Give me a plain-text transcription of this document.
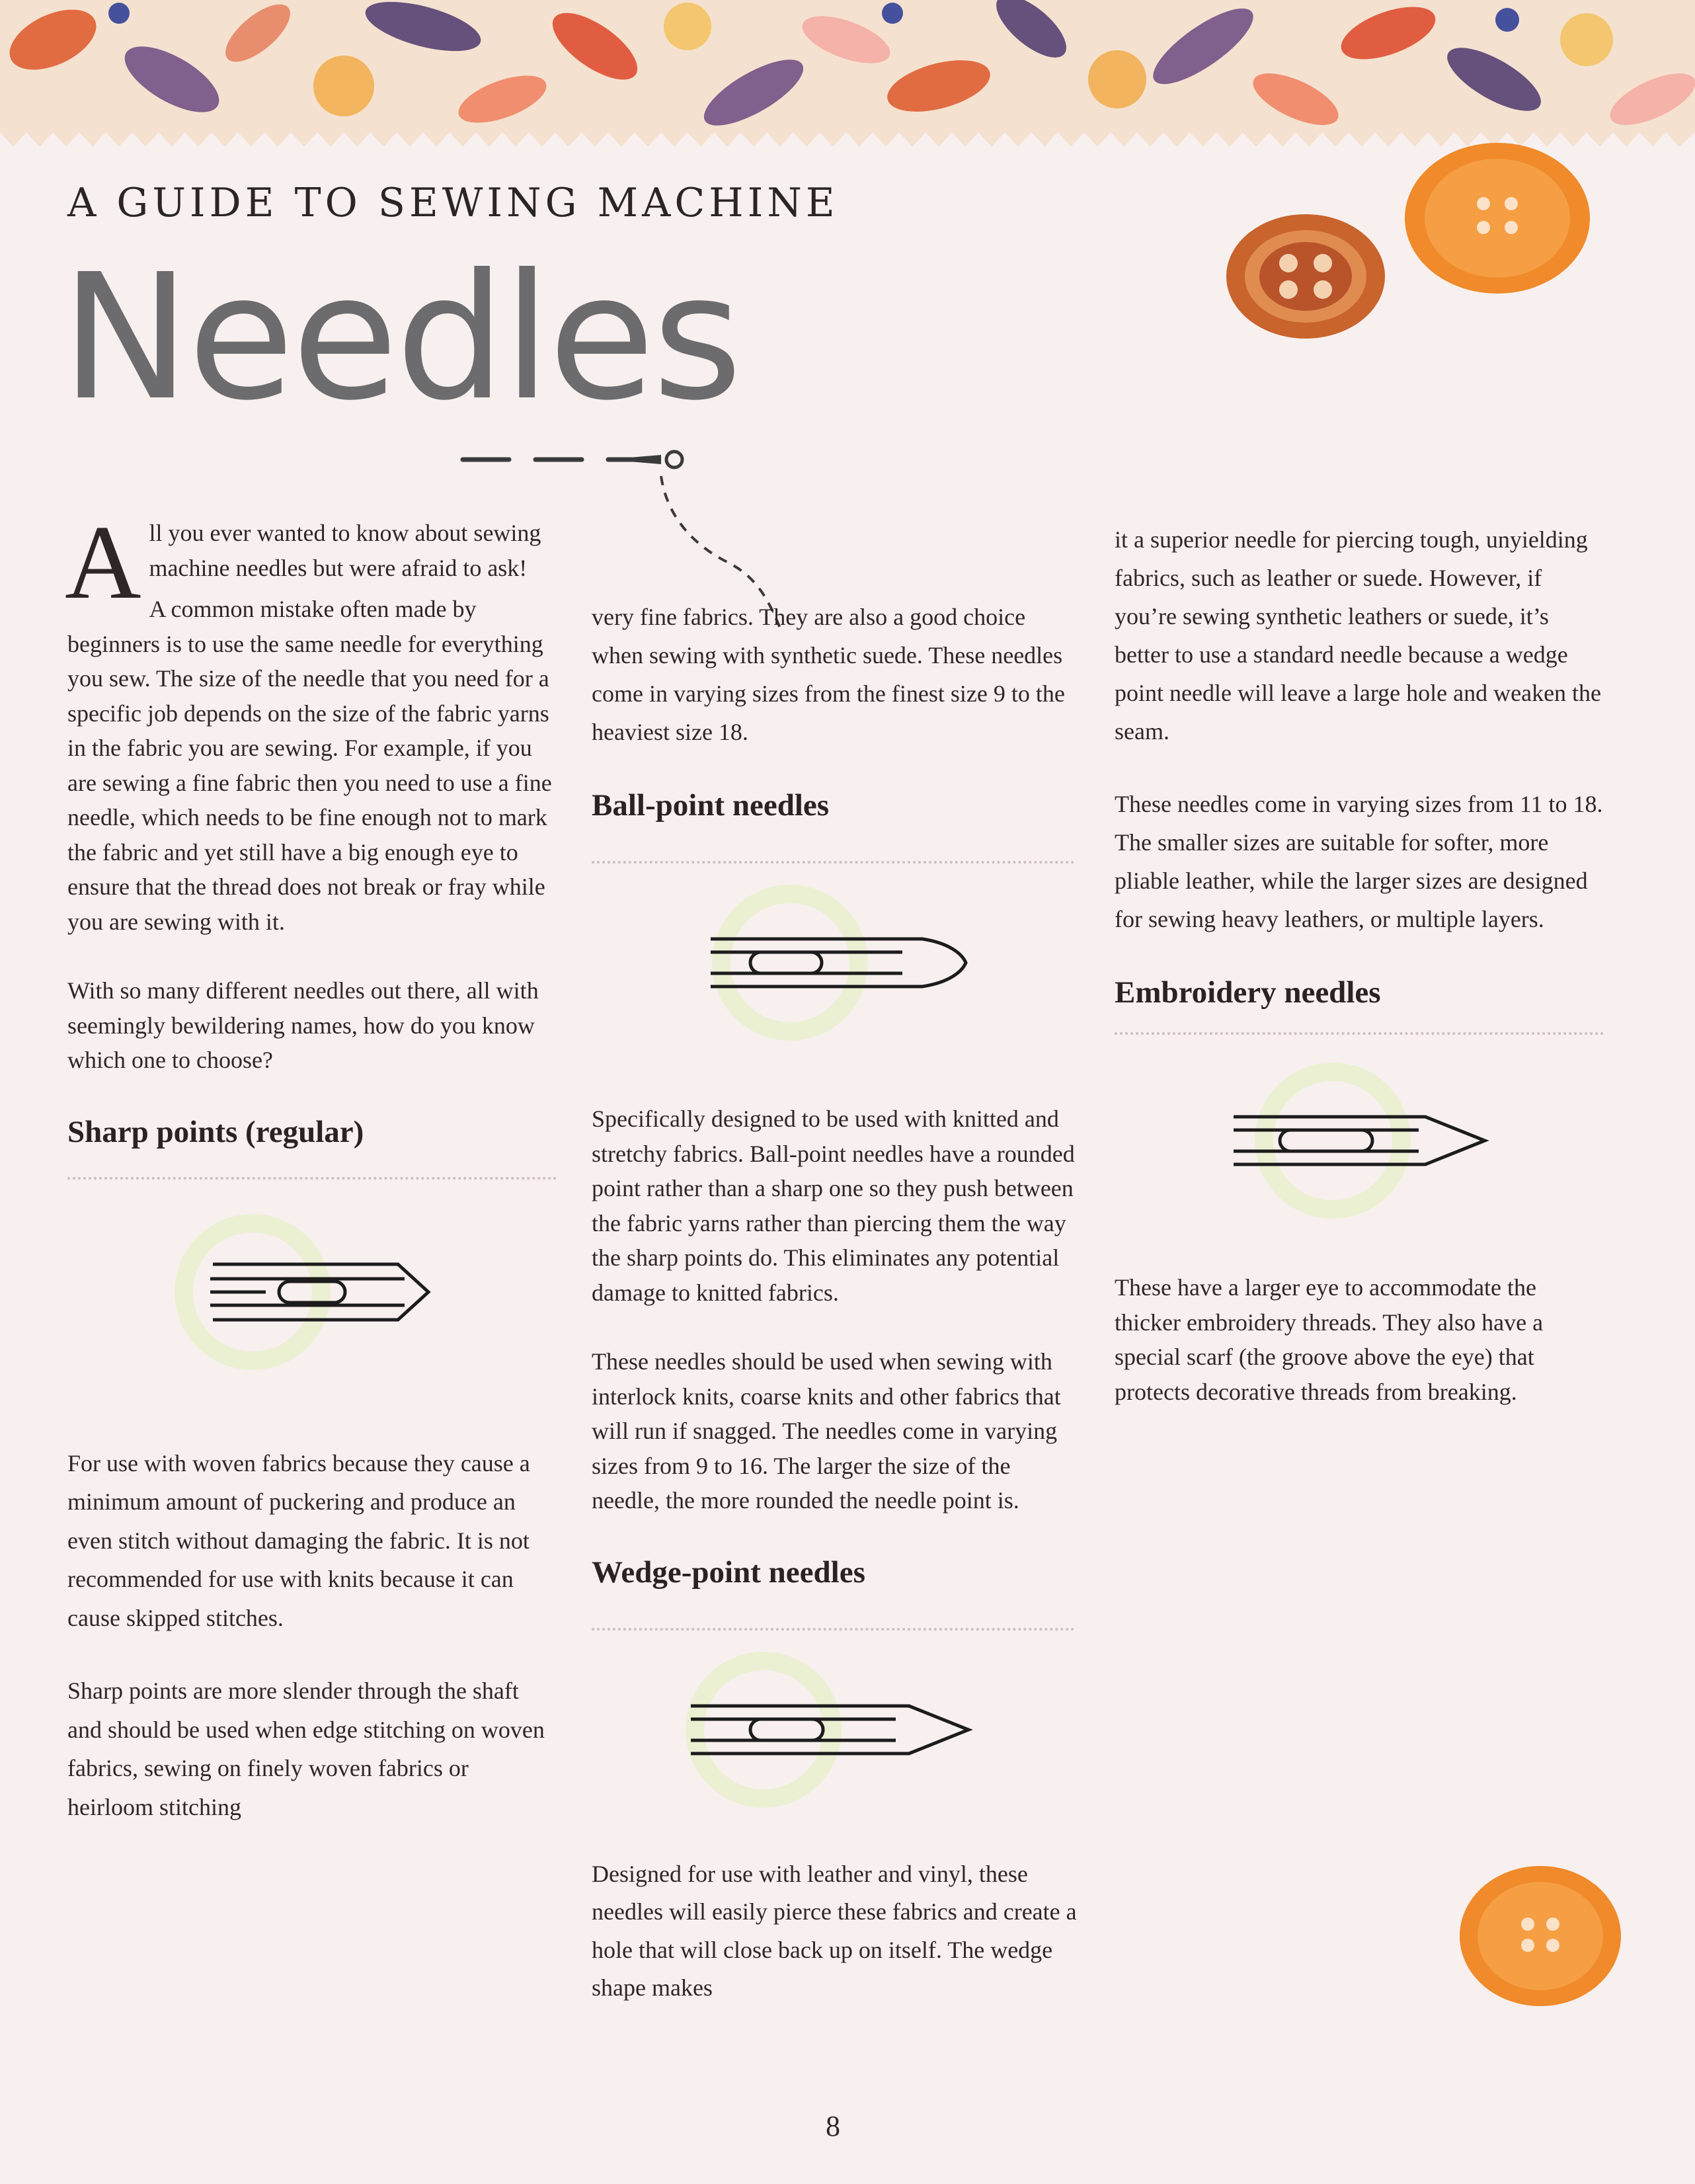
A GUIDE TO SEWING MACHINE
Needles

All you ever wanted to know about sewing machine needles but were afraid to ask!

A common mistake often made by beginners is to use the same needle for everything you sew. The size of the needle that you need for a specific job depends on the size of the fabric yarns in the fabric you are sewing. For example, if you are sewing a fine fabric then you need to use a fine needle, which needs to be fine enough not to mark the fabric and yet still have a big enough eye to ensure that the thread does not break or fray while you are sewing with it.

With so many different needles out there, all with seemingly bewildering names, how do you know which one to choose?

Sharp points (regular)

For use with woven fabrics because they cause a minimum amount of puckering and produce an even stitch without damaging the fabric. It is not recommended for use with knits because it can cause skipped stitches.

Sharp points are more slender through the shaft and should be used when edge stitching on woven fabrics, sewing on finely woven fabrics or heirloom stitching

very fine fabrics. They are also a good choice when sewing with synthetic suede. These needles come in varying sizes from the finest size 9 to the heaviest size 18.

Ball-point needles

Specifically designed to be used with knitted and stretchy fabrics. Ball-point needles have a rounded point rather than a sharp one so they push between the fabric yarns rather than piercing them the way the sharp points do. This eliminates any potential damage to knitted fabrics.

These needles should be used when sewing with interlock knits, coarse knits and other fabrics that will run if snagged. The needles come in varying sizes from 9 to 16. The larger the size of the needle, the more rounded the needle point is.

Wedge-point needles

Designed for use with leather and vinyl, these needles will easily pierce these fabrics and create a hole that will close back up on itself. The wedge shape makes

it a superior needle for piercing tough, unyielding fabrics, such as leather or suede. However, if you’re sewing synthetic leathers or suede, it’s better to use a standard needle because a wedge point needle will leave a large hole and weaken the seam.

These needles come in varying sizes from 11 to 18. The smaller sizes are suitable for softer, more pliable leather, while the larger sizes are designed for sewing heavy leathers, or multiple layers.

Embroidery needles

These have a larger eye to accommodate the thicker embroidery threads. They also have a special scarf (the groove above the eye) that protects decorative threads from breaking.

8
